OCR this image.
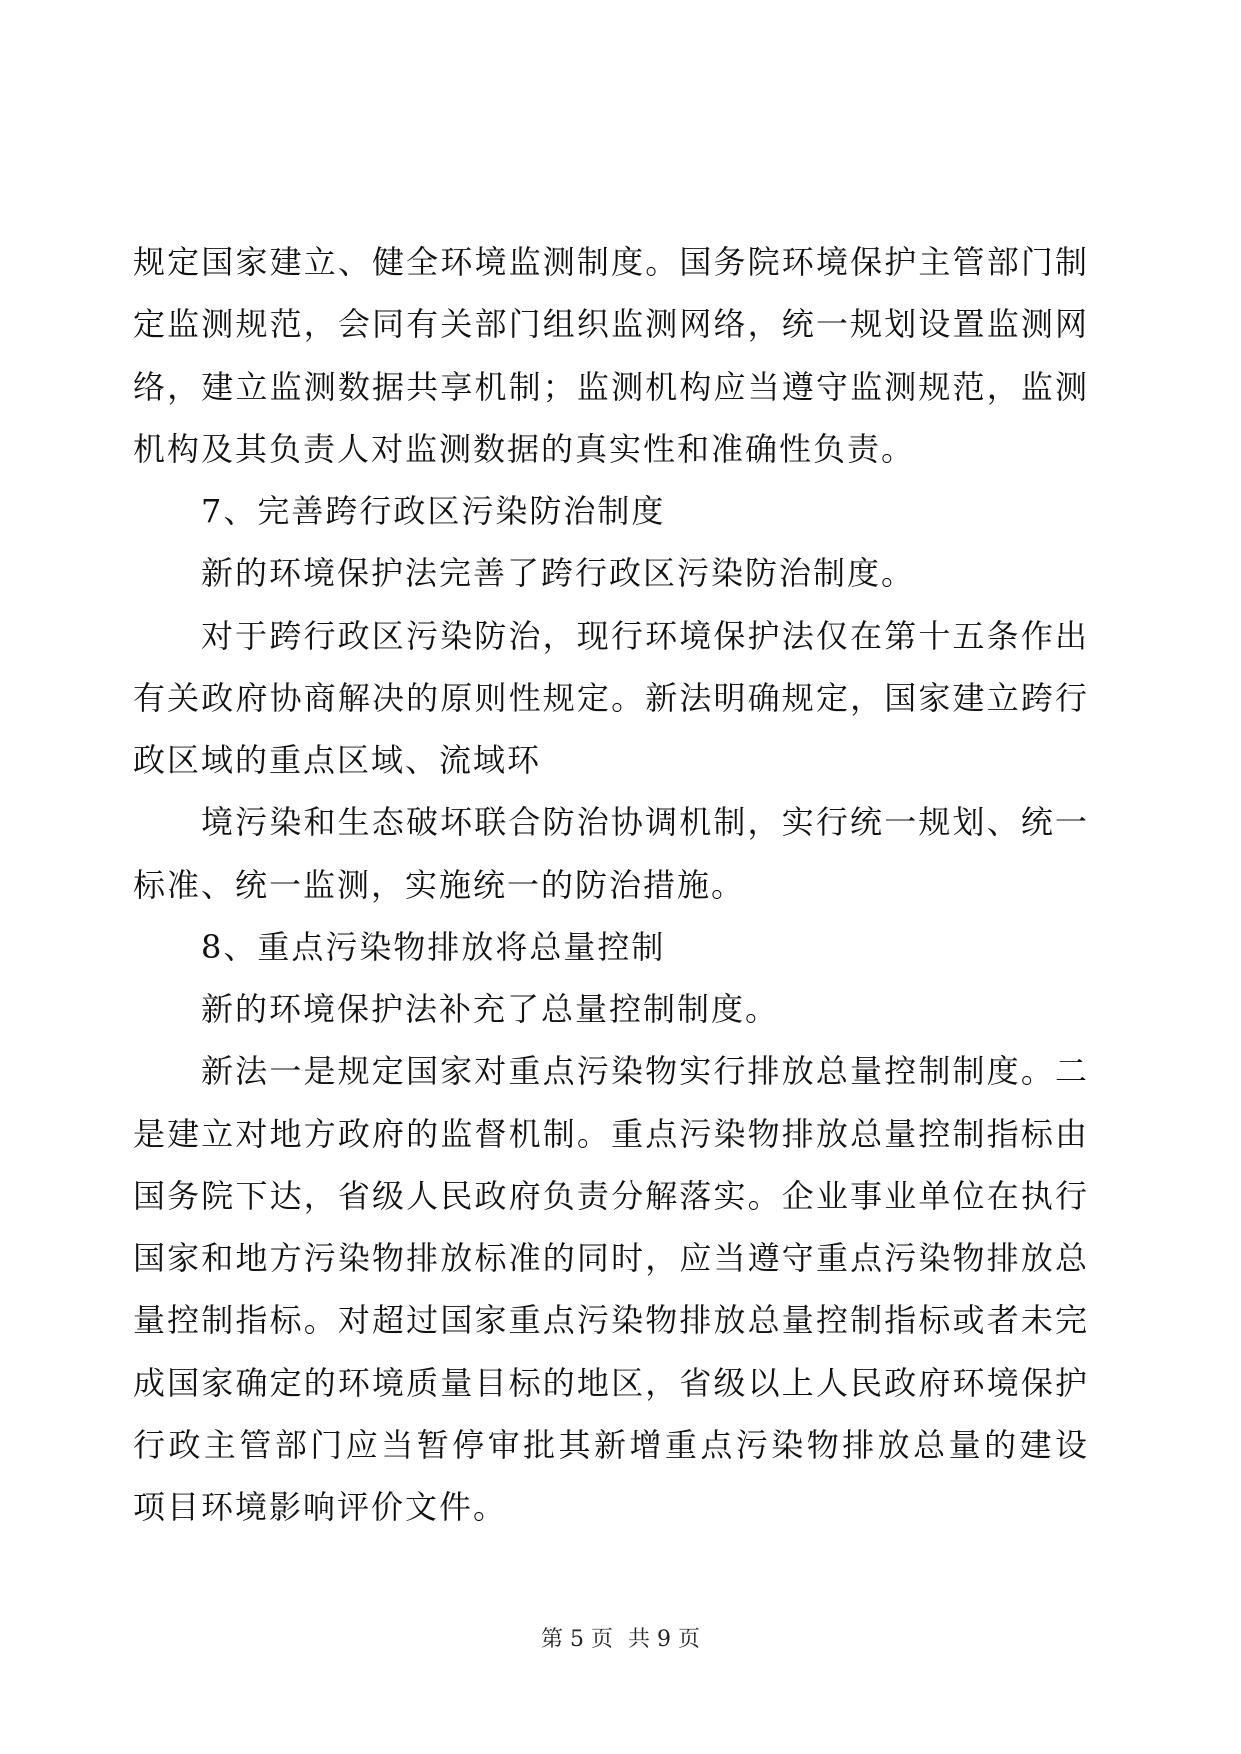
规定国家建立、健全环境监测制度。国务院环境保护主管部门制
定监测规范，会同有关部门组织监测网络，统一规划设置监测网
络，建立监测数据共享机制；监测机构应当遵守监测规范，监测
机构及其负责人对监测数据的真实性和准确性负责。
7、完善跨行政区污染防治制度
新的环境保护法完善了跨行政区污染防治制度。
对于跨行政区污染防治，现行环境保护法仅在第十五条作出
有关政府协商解决的原则性规定。新法明确规定，国家建立跨行
政区域的重点区域、流域环
境污染和生态破坏联合防治协调机制，实行统一规划、统一
标准、统一监测，实施统一的防治措施。
8、重点污染物排放将总量控制
新的环境保护法补充了总量控制制度。
新法一是规定国家对重点污染物实行排放总量控制制度。二
是建立对地方政府的监督机制。重点污染物排放总量控制指标由
国务院下达，省级人民政府负责分解落实。企业事业单位在执行
国家和地方污染物排放标准的同时，应当遵守重点污染物排放总
量控制指标。对超过国家重点污染物排放总量控制指标或者未完
成国家确定的环境质量目标的地区，省级以上人民政府环境保护
行政主管部门应当暂停审批其新增重点污染物排放总量的建设
项目环境影响评价文件。
第 5 页 共 9 页
